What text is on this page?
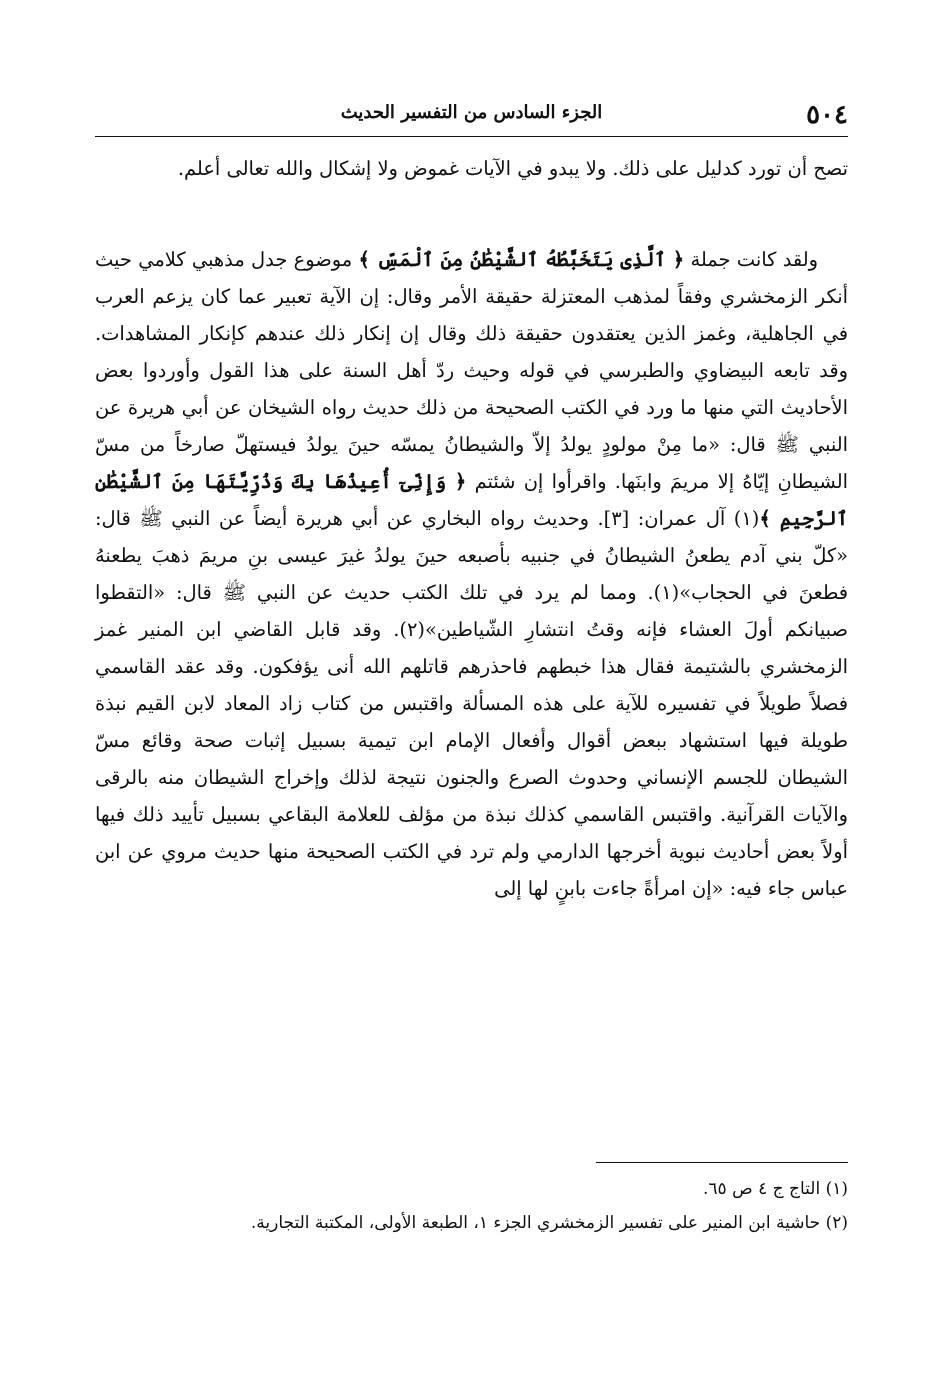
٥٠٤
الجزء السادس من التفسير الحديث

تصح أن تورد كدليل على ذلك. ولا يبدو في الآيات غموض ولا إشكال والله تعالى أعلم.

ولقد كانت جملة ﴿ ٱلَّذِى يَتَخَبَّطُهُ ٱلشَّيْطَٰنُ مِنَ ٱلْمَسِّ ﴾ موضوع جدل مذهبي كلامي حيث أنكر الزمخشري وفقاً لمذهب المعتزلة حقيقة الأمر وقال: إن الآية تعبير عما كان يزعم العرب في الجاهلية، وغمز الذين يعتقدون حقيقة ذلك وقال إن إنكار ذلك عندهم كإنكار المشاهدات. وقد تابعه البيضاوي والطبرسي في قوله وحيث ردّ أهل السنة على هذا القول وأوردوا بعض الأحاديث التي منها ما ورد في الكتب الصحيحة من ذلك حديث رواه الشيخان عن أبي هريرة عن النبي ﷺ قال: «ما مِنْ مولودٍ يولدُ إلاّ والشيطانُ يمسّه حينَ يولدُ فيستهلّ صارخاً من مسّ الشيطانِ إيّاهُ إلا مريمَ وابنَها. واقرأوا إن شئتم ﴿ وَإِنِّىٓ أُعِيذُهَا بِكَ وَذُرِّيَّتَهَا مِنَ ٱلشَّيْطَٰنِ ٱلرَّجِيمِ ﴾(١) آل عمران: [٣]. وحديث رواه البخاري عن أبي هريرة أيضاً عن النبي ﷺ قال: «كلّ بني آدم يطعنُ الشيطانُ في جنبيه بأصبعه حينَ يولدُ غيرَ عيسى بنِ مريمَ ذهبَ يطعنهُ فطعنَ في الحجاب»(١). ومما لم يرد في تلك الكتب حديث عن النبي ﷺ قال: «التقطوا صبيانكم أولَ العشاء فإنه وقتُ انتشارِ الشّياطين»(٢). وقد قابل القاضي ابن المنير غمز الزمخشري بالشتيمة فقال هذا خبطهم فاحذرهم قاتلهم الله أنى يؤفكون. وقد عقد القاسمي فصلاً طويلاً في تفسيره للآية على هذه المسألة واقتبس من كتاب زاد المعاد لابن القيم نبذة طويلة فيها استشهاد ببعض أقوال وأفعال الإمام ابن تيمية بسبيل إثبات صحة وقائع مسّ الشيطان للجسم الإنساني وحدوث الصرع والجنون نتيجة لذلك وإخراج الشيطان منه بالرقى والآيات القرآنية. واقتبس القاسمي كذلك نبذة من مؤلف للعلامة البقاعي بسبيل تأييد ذلك فيها أولاً بعض أحاديث نبوية أخرجها الدارمي ولم ترد في الكتب الصحيحة منها حديث مروي عن ابن عباس جاء فيه: «إن امرأةً جاءت بابنٍ لها إلى

(١) التاج ج ٤ ص ٦٥.
(٢) حاشية ابن المنير على تفسير الزمخشري الجزء ١، الطبعة الأولى، المكتبة التجارية.
